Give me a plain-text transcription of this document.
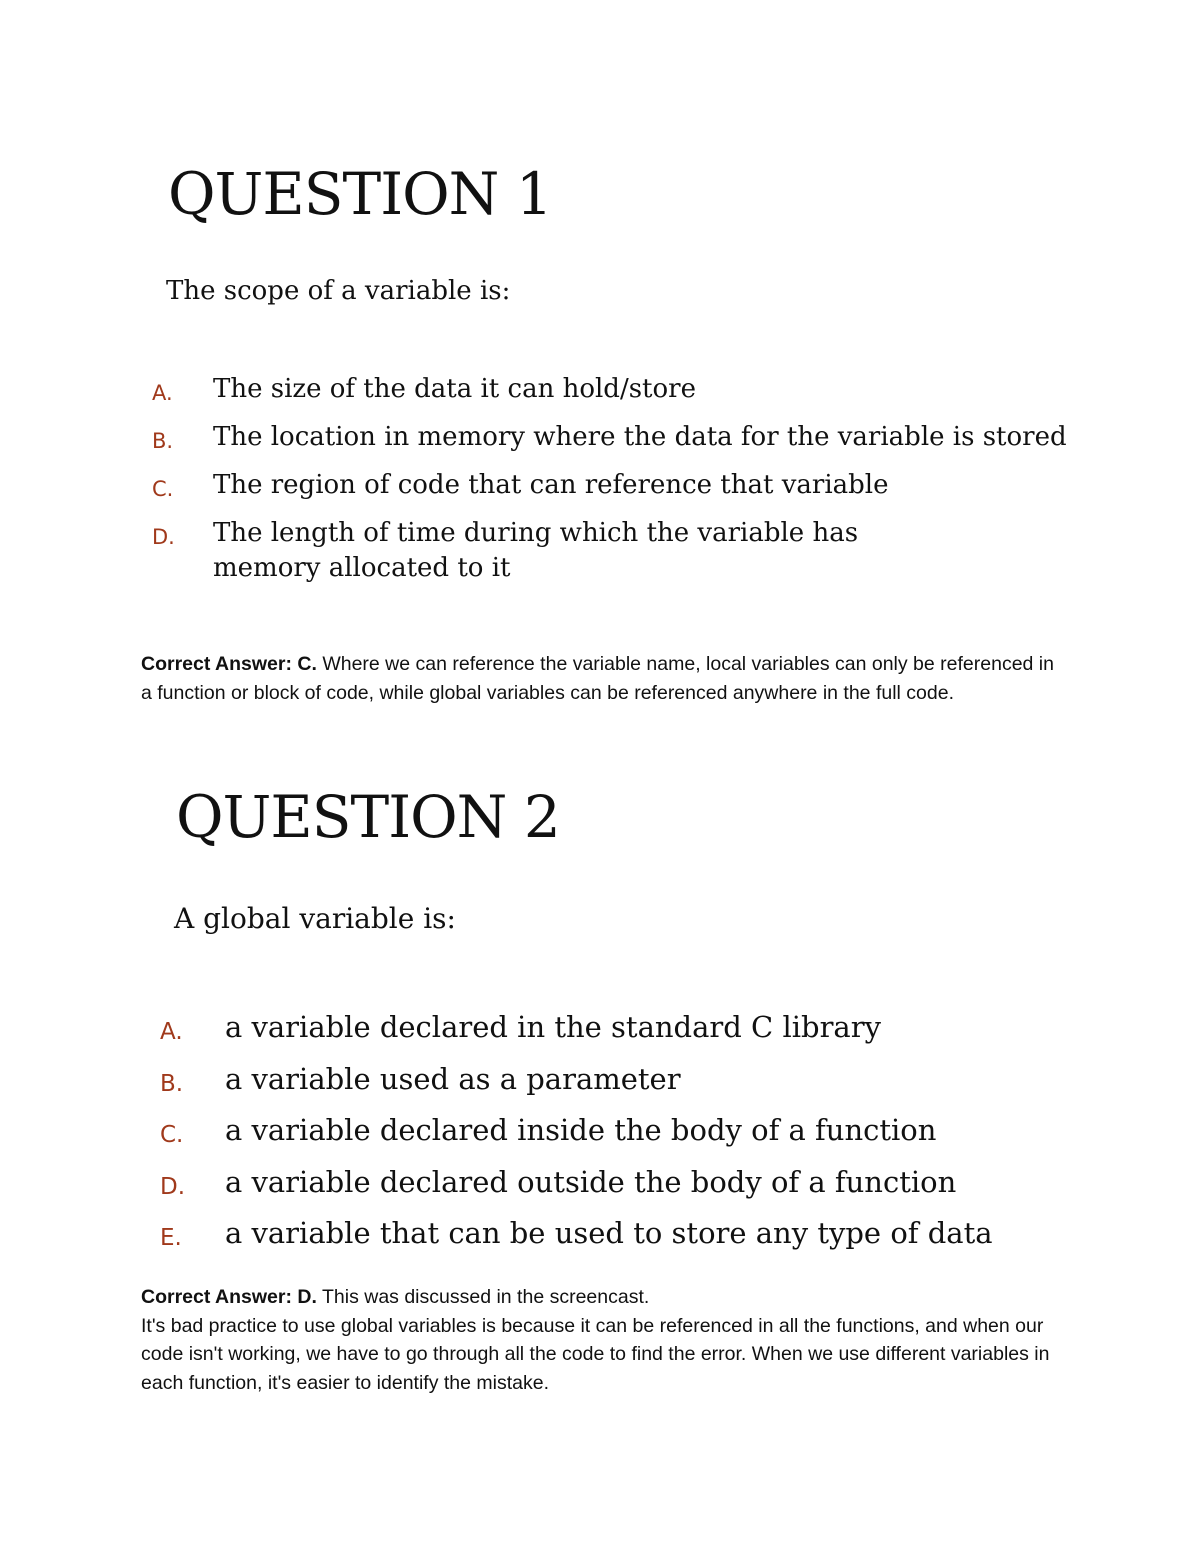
QUESTION 1
The scope of a variable is:
A. The size of the data it can hold/store
B. The location in memory where the data for the variable is stored
C. The region of code that can reference that variable
D. The length of time during which the variable has memory allocated to it
Correct Answer: C. Where we can reference the variable name, local variables can only be referenced in a function or block of code, while global variables can be referenced anywhere in the full code.
QUESTION 2
A global variable is:
A. a variable declared in the standard C library
B. a variable used as a parameter
C. a variable declared inside the body of a function
D. a variable declared outside the body of a function
E. a variable that can be used to store any type of data
Correct Answer: D. This was discussed in the screencast.
It's bad practice to use global variables is because it can be referenced in all the functions, and when our code isn't working, we have to go through all the code to find the error. When we use different variables in each function, it's easier to identify the mistake.
